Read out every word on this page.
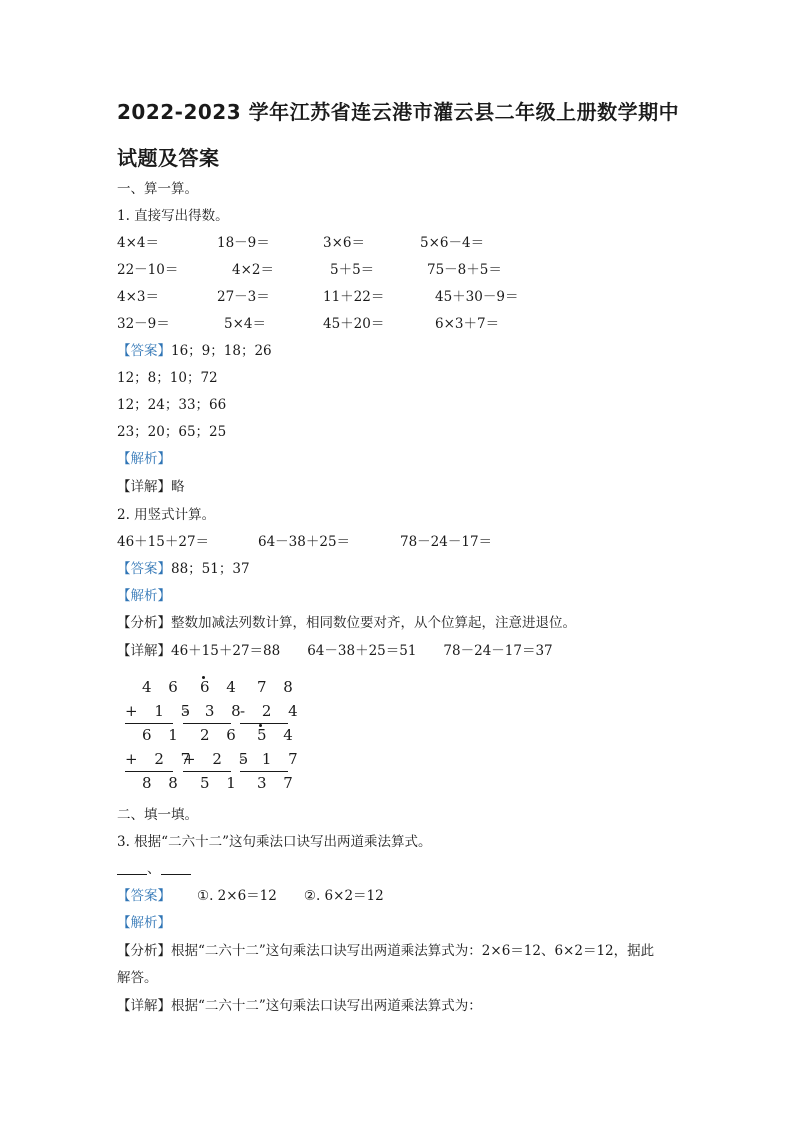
2022-2023 学年江苏省连云港市灌云县二年级上册数学期中
试题及答案
一、算一算。
1. 直接写出得数。
4×4＝	18－9＝	3×6＝	5×6－4＝
22－10＝	4×2＝	5＋5＝	75－8＋5＝
4×3＝	27－3＝	11＋22＝	45＋30－9＝
32－9＝	5×4＝	45＋20＝	6×3＋7＝
【答案】16；9；18；26
12；8；10；72
12；24；33；66
23；20；65；25
【解析】
【详解】略
2. 用竖式计算。
46＋15＋27＝	64－38＋25＝	78－24－17＝
【答案】88；51；37
【解析】
【分析】整数加减法列数计算，相同数位要对齐，从个位算起，注意进退位。
【详解】46＋15＋27＝88　　64－38＋25＝51　　78－24－17＝37
4 6
+ 1 5
6 1
+ 2 7
8 8
6 4
- 3 8
2 6
+ 2 5
5 1
7 8
- 2 4
5 4
- 1 7
3 7
二、填一填。
3. 根据“二六十二”这句乘法口诀写出两道乘法算式。
、
【答案】 ①. 2×6＝12　　②. 6×2＝12
【解析】
【分析】根据“二六十二”这句乘法口诀写出两道乘法算式为：2×6＝12、6×2＝12，据此
解答。
【详解】根据“二六十二”这句乘法口诀写出两道乘法算式为：
